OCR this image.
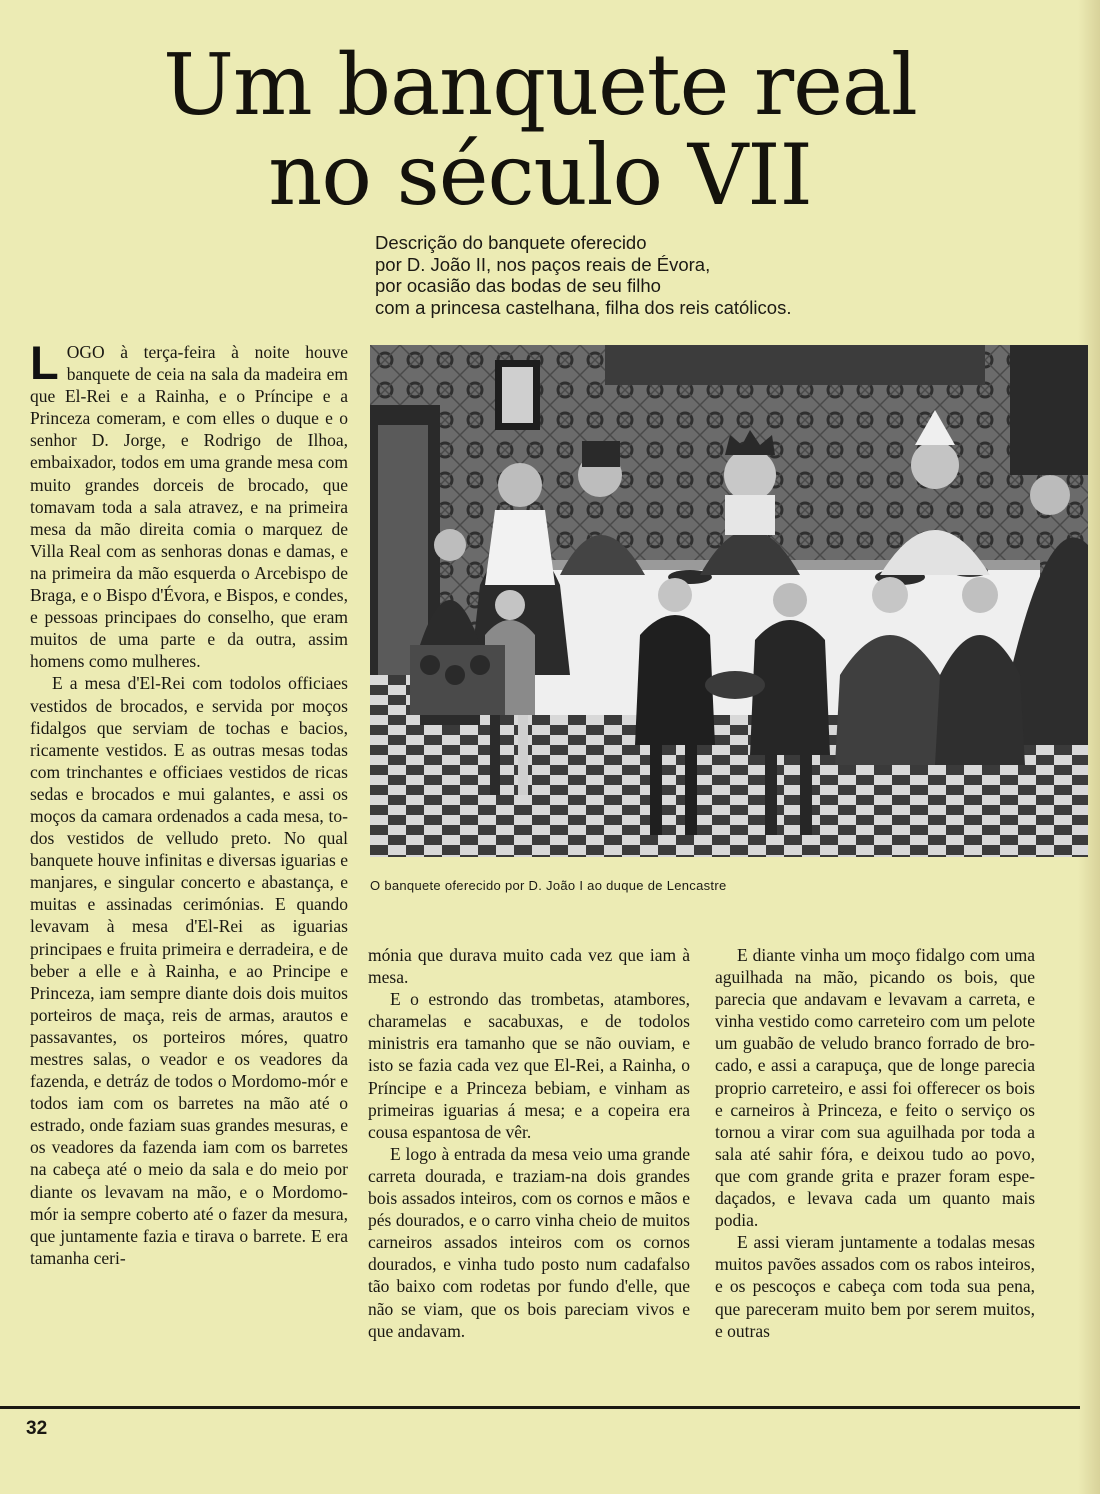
Um banquete real
no século VII
Descrição do banquete oferecido
por D. João II, nos paços reais de Évora,
por ocasião das bodas de seu filho
com a princesa castelhana, filha dos reis católicos.
L OGO à terça-feira à noite houve banquete de ceia na sala da madeira em que El-Rei e a Rainha, e o Príncipe e a Princeza comeram, e com elles o duque e o senhor D. Jorge, e Rodrigo de Ilhoa, embaixador, todos em uma grande mesa com muito grandes dorceis de brocado, que tomavam toda a sala atravez, e na primeira mesa da mão direita comia o marquez de Villa Real com as senhoras donas e damas, e na primeira da mão esquerda o Arcebispo de Braga, e o Bispo d'Évora, e Bispos, e condes, e pessoas principaes do conselho, que eram muitos de uma parte e da outra, assim homens como mulheres.

E a mesa d'El-Rei com todolos officiaes vestidos de brocados, e servida por moços fidalgos que serviam de tochas e bacios, ricamente vestidos. E as outras mesas todas com trinchantes e officiaes vestidos de ricas sedas e brocados e mui galantes, e assi os moços da camara ordenados a cada mesa, todos vestidos de velludo preto. No qual banquete houve infinitas e diversas iguarias e manjares, e singular concerto e abastança, e muitas e assinadas cerimónias. E quando levavam à mesa d'El-Rei as iguarias principaes e fruita primeira e derradeira, e de beber a elle e à Rainha, e ao Principe e Princeza, iam sempre diante dois dois muitos porteiros de maça, reis de armas, arautos e passavantes, os porteiros móres, quatro mestres salas, o veador e os veadores da fazenda, e detráz de todos o Mordomo-mór e todos iam com os barretes na mão até o estrado, onde faziam suas grandes mesuras, e os veadores da fazenda iam com os barretes na cabeça até o meio da sala e do meio por diante os levavam na mão, e o Mordomo-mór ia sempre coberto até o fazer da mesura, que juntamente fazia e tirava o barrete. E era tamanha ceri-

O banquete oferecido por D. João I ao duque de Lencastre

mónia que durava muito cada vez que iam à mesa.

E o estrondo das trombetas, atambores, charamelas e sacabuxas, e de todolos ministris era tamanho que se não ouviam, e isto se fazia cada vez que El-Rei, a Rainha, o Príncipe e a Princeza bebiam, e vinham as primeiras iguarias á mesa; e a copeira era cousa espantosa de vêr.

E logo à entrada da mesa veio uma grande carreta dourada, e traziam-na dois grandes bois assados inteiros, com os cornos e mãos e pés dourados, e o carro vinha cheio de muitos carneiros assados inteiros com os cornos dourados, e vinha tudo posto num cadafalso tão baixo com rodetas por fundo d'elle, que não se viam, que os bois pareciam vivos e que andavam.

E diante vinha um moço fidalgo com uma aguilhada na mão, picando os bois, que parecia que andavam e levavam a carreta, e vinha vestido como carreteiro com um pelote um guabão de veludo branco forrado de brocado, e assi a carapuça, que de longe parecia proprio carreteiro, e assi foi offerecer os bois e carneiros à Princeza, e feito o serviço os tornou a virar com sua aguilhada por toda a sala até sahir fóra, e deixou tudo ao povo, que com grande grita e prazer foram espedaçados, e levava cada um quanto mais podia.

E assi vieram juntamente a todalas mesas muitos pavões assados com os rabos inteiros, e os pescoços e cabeça com toda sua pena, que pareceram muito bem por serem muitos, e outras

32
